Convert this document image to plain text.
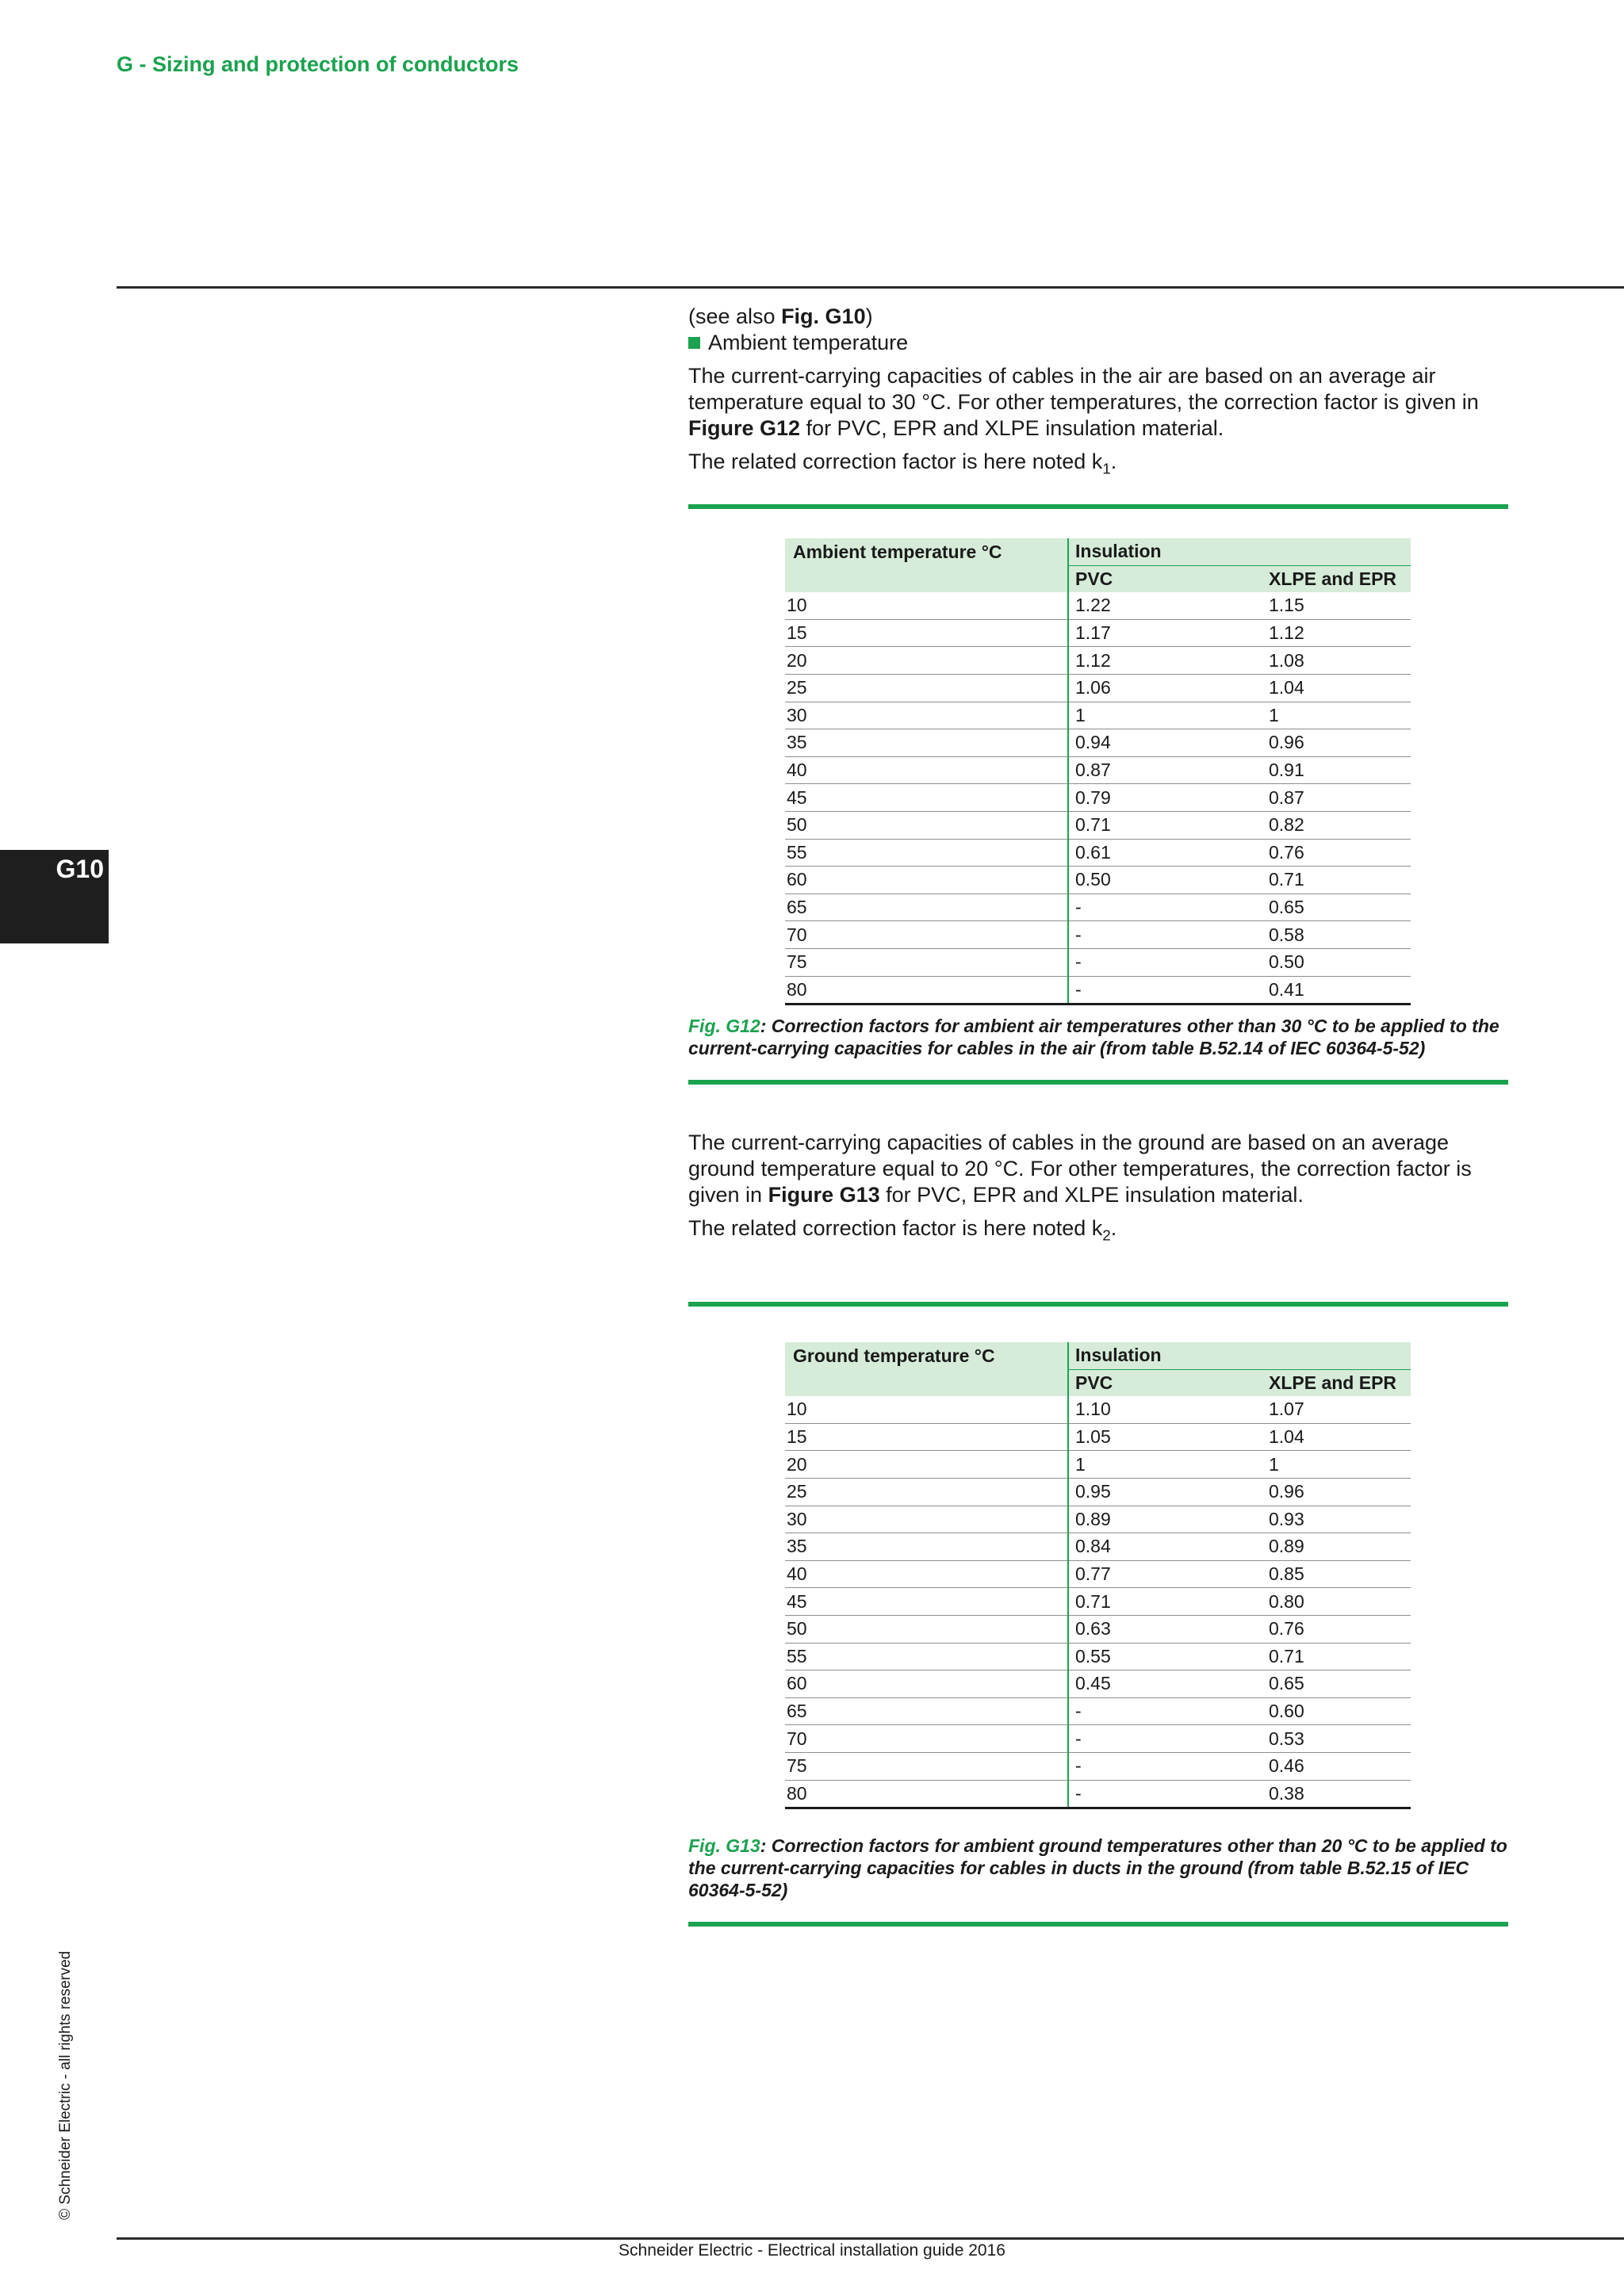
G - Sizing and protection of conductors
G10
© Schneider Electric - all rights reserved

(see also Fig. G10)

Ambient temperature

The current-carrying capacities of cables in the air are based on an average air temperature equal to 30 °C. For other temperatures, the correction factor is given in Figure G12 for PVC, EPR and XLPE insulation material.

The related correction factor is here noted $k_1$.

Ambient temperature °C	Insulation	
	PVC	XLPE and EPR
10	1.22	1.15
15	1.17	1.12
20	1.12	1.08
25	1.06	1.04
30	1	1
35	0.94	0.96
40	0.87	0.91
45	0.79	0.87
50	0.71	0.82
55	0.61	0.76
60	0.50	0.71
65	-	0.65
70	-	0.58
75	-	0.50
80	-	0.41

Fig. G12: Correction factors for ambient air temperatures other than 30 °C to be applied to the current-carrying capacities for cables in the air (from table B.52.14 of IEC 60364-5-52)

The current-carrying capacities of cables in the ground are based on an average ground temperature equal to 20 °C. For other temperatures, the correction factor is given in Figure G13 for PVC, EPR and XLPE insulation material.

The related correction factor is here noted $k_2$.

Ground temperature °C	Insulation	
	PVC	XLPE and EPR
10	1.10	1.07
15	1.05	1.04
20	1	1
25	0.95	0.96
30	0.89	0.93
35	0.84	0.89
40	0.77	0.85
45	0.71	0.80
50	0.63	0.76
55	0.55	0.71
60	0.45	0.65
65	-	0.60
70	-	0.53
75	-	0.46
80	-	0.38

Fig. G13: Correction factors for ambient ground temperatures other than 20 °C to be applied to the current-carrying capacities for cables in ducts in the ground (from table B.52.15 of IEC 60364-5-52)

Schneider Electric - Electrical installation guide 2016
